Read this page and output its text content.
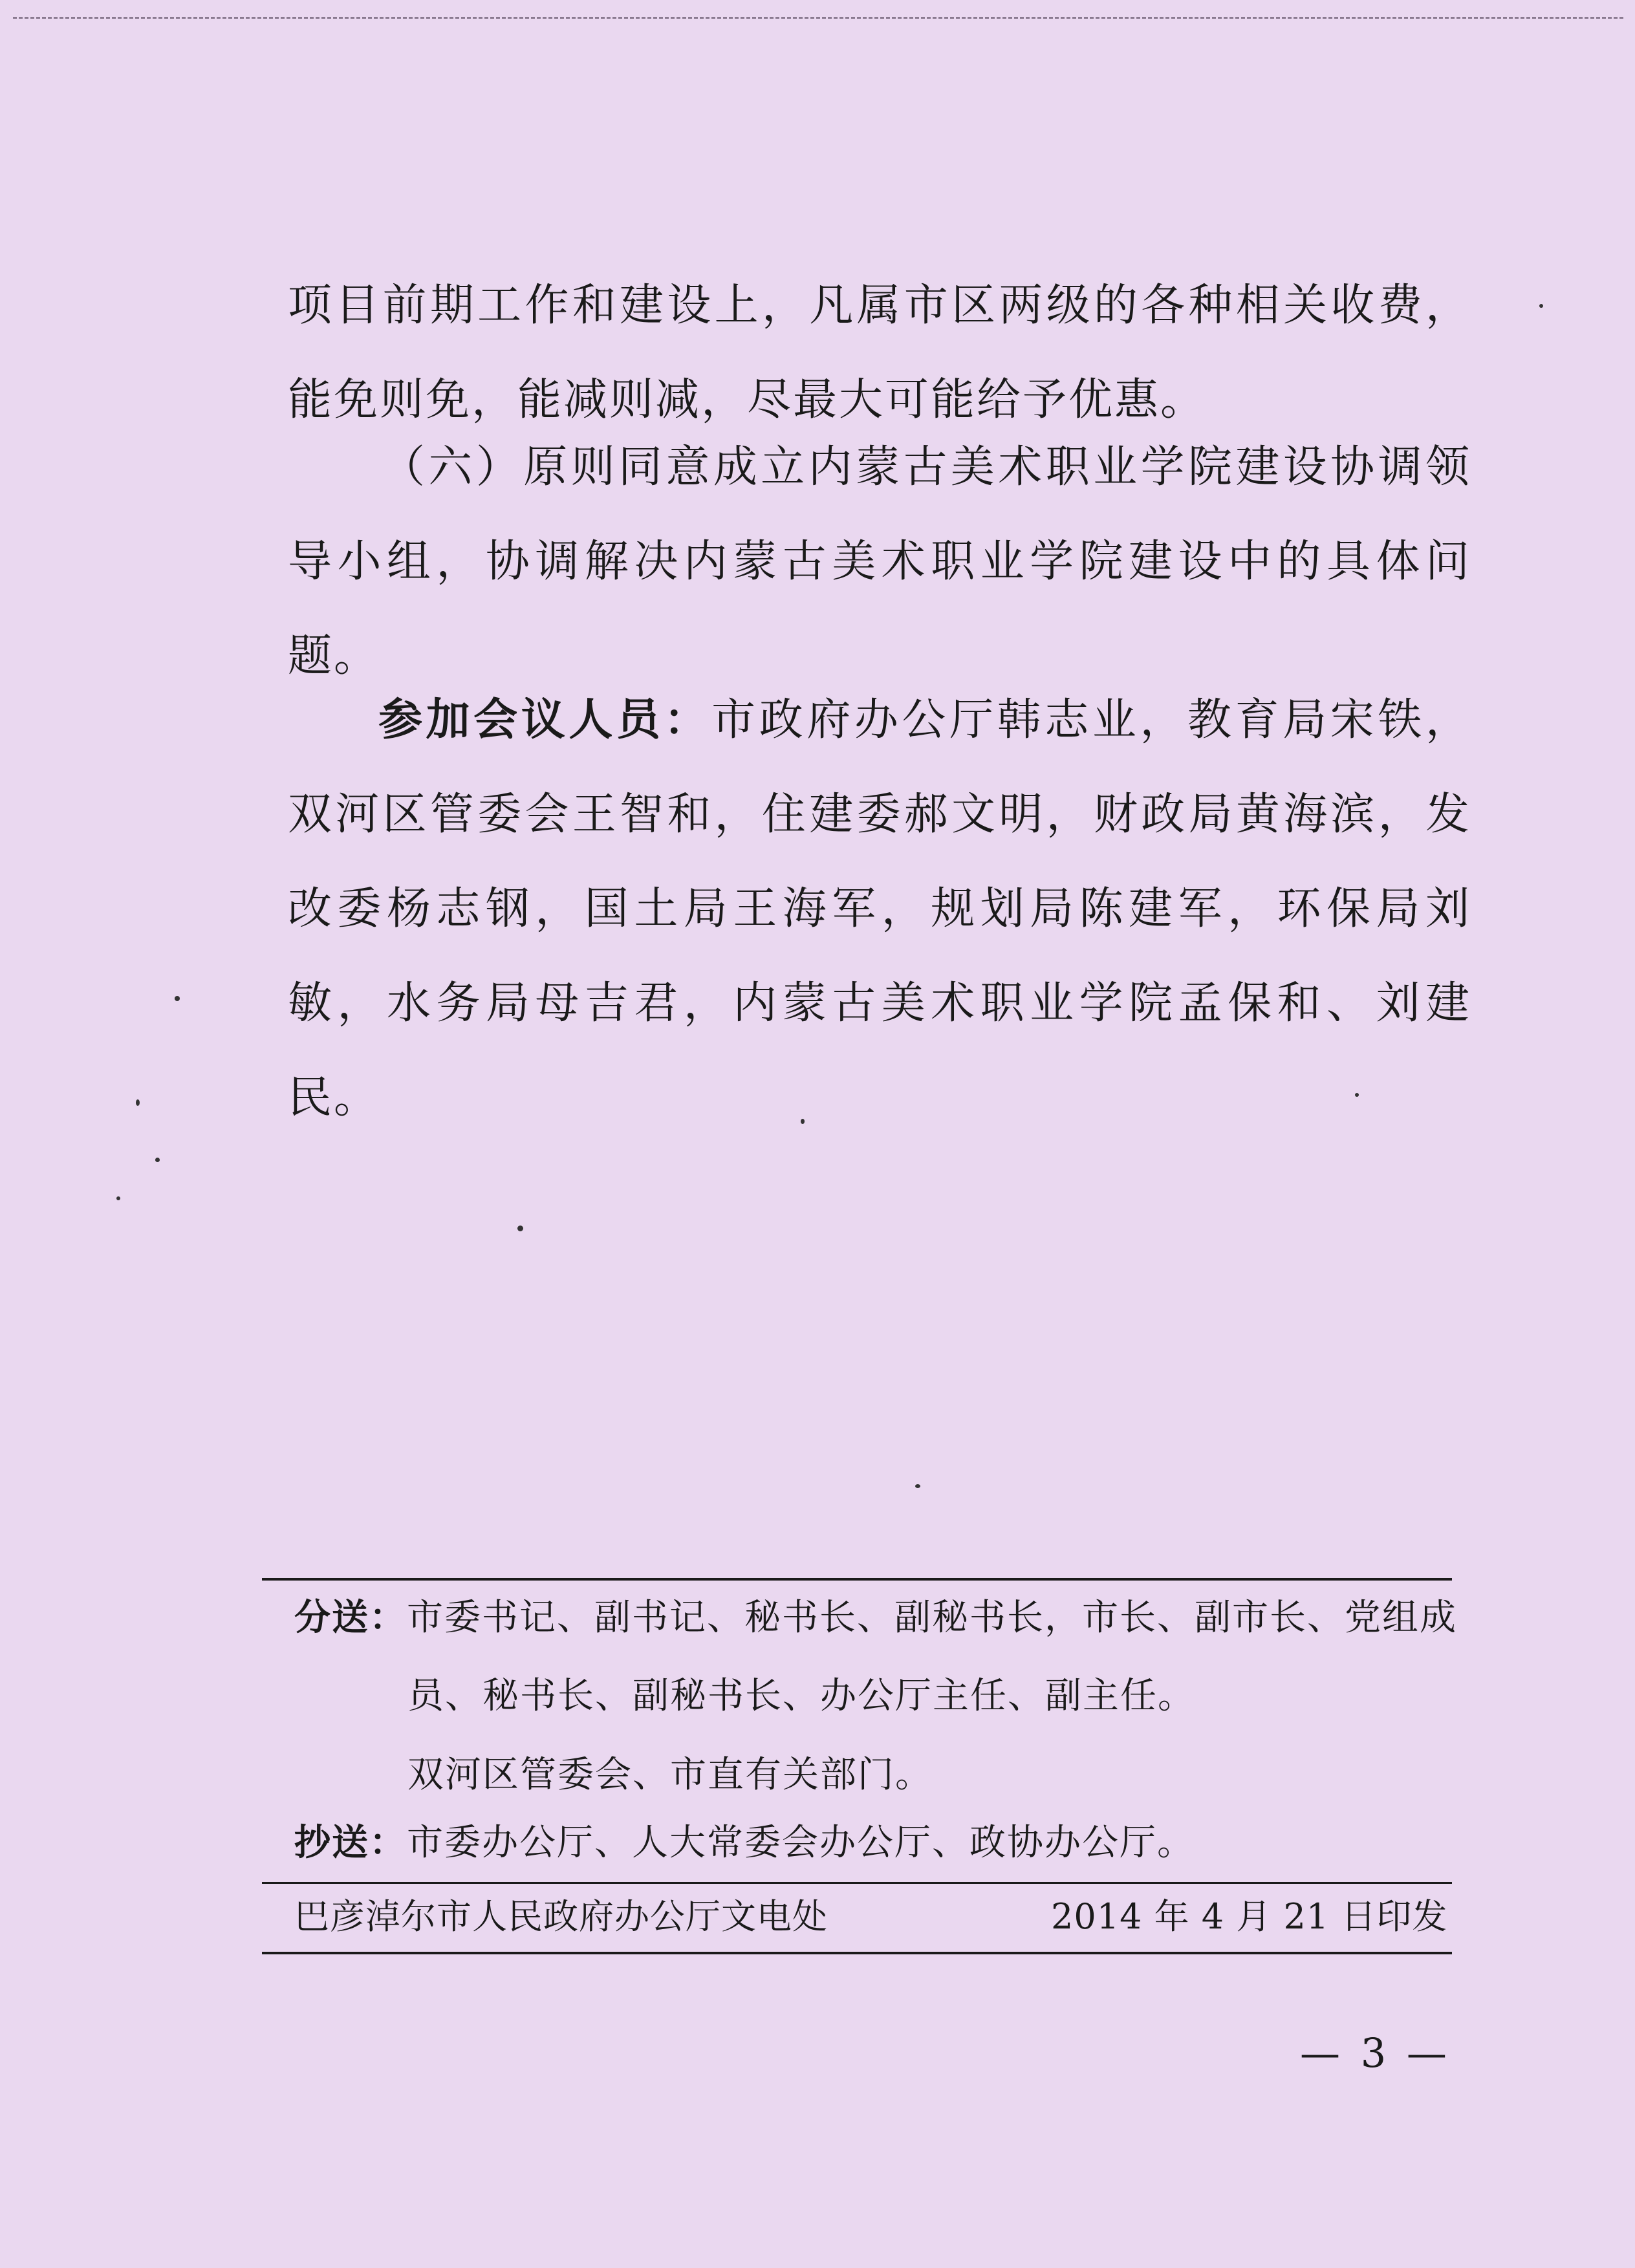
项目前期工作和建设上，凡属市区两级的各种相关收费，能免则免，能减则减，尽最大可能给予优惠。

（六）原则同意成立内蒙古美术职业学院建设协调领导小组，协调解决内蒙古美术职业学院建设中的具体问题。

参加会议人员：市政府办公厅韩志业，教育局宋铁，双河区管委会王智和，住建委郝文明，财政局黄海滨，发改委杨志钢，国土局王海军，规划局陈建军，环保局刘敏，水务局母吉君，内蒙古美术职业学院孟保和、刘建民。

分送：市委书记、副书记、秘书长、副秘书长，市长、副市长、党组成

员、秘书长、副秘书长、办公厅主任、副主任。

双河区管委会、市直有关部门。

抄送：市委办公厅、人大常委会办公厅、政协办公厅。

巴彦淖尔市人民政府办公厅文电处	2014 年 4 月 21 日印发
— 3 —
